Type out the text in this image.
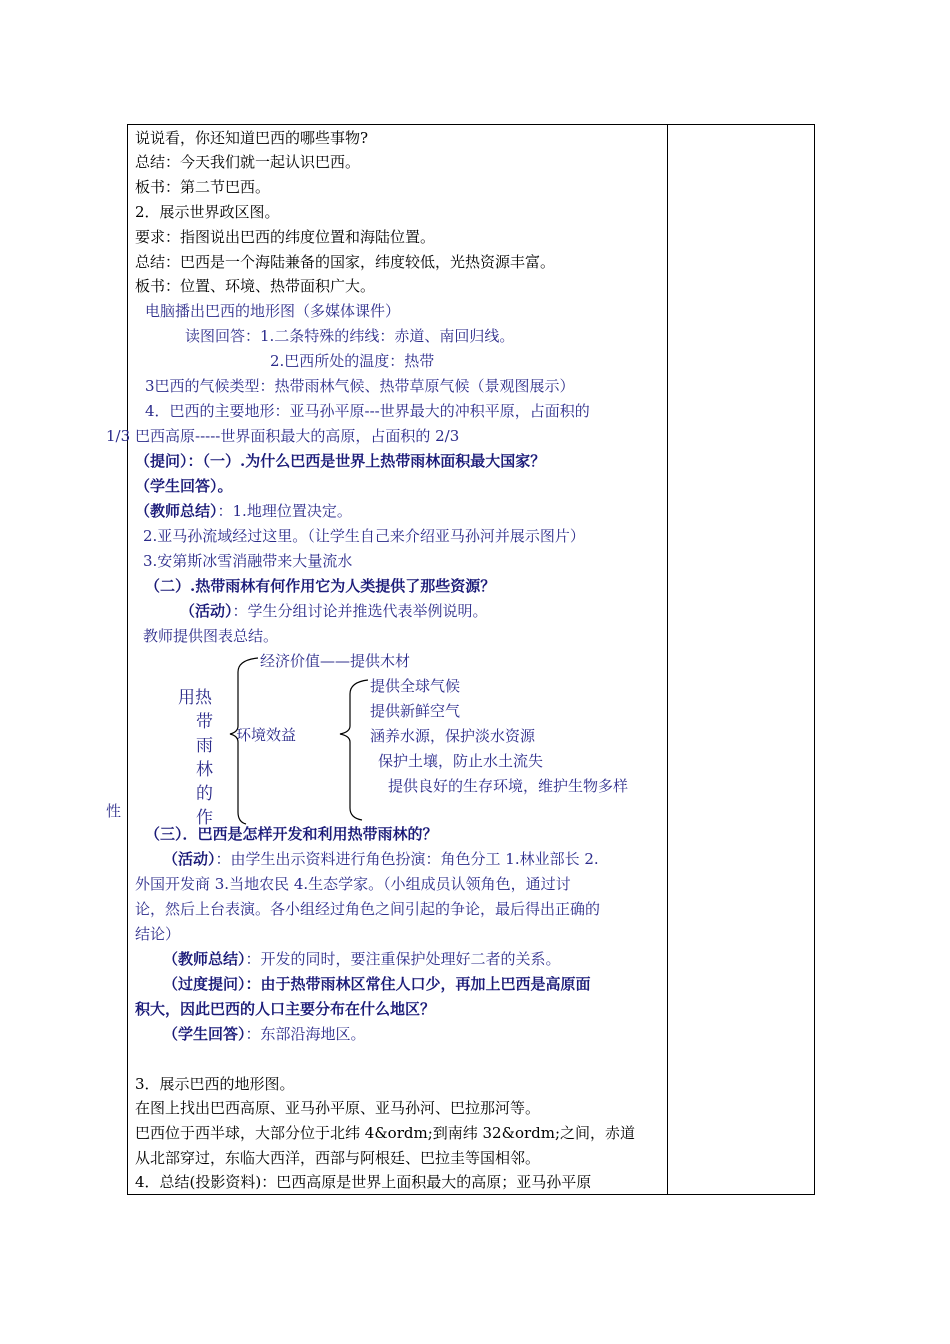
说说看，你还知道巴西的哪些事物?
总结：今天我们就一起认识巴西。
板书：第二节巴西。
2．展示世界政区图。
要求：指图说出巴西的纬度位置和海陆位置。
总结：巴西是一个海陆兼备的国家，纬度较低，光热资源丰富。
板书：位置、环境、热带面积广大。
电脑播出巴西的地形图（多媒体课件）
读图回答：1.二条特殊的纬线：赤道、南回归线。
2.巴西所处的温度：热带
3巴西的气候类型：热带雨林气候、热带草原气候（景观图展示）
4．巴西的主要地形：亚马孙平原---世界最大的冲积平原，占面积的
1/3 巴西高原-----世界面积最大的高原，占面积的 2/3
（提问）：（一）.为什么巴西是世界上热带雨林面积最大国家？
（学生回答）。
（教师总结）：1.地理位置决定。
2.亚马孙流域经过这里。（让学生自己来介绍亚马孙河并展示图片）
3.安第斯冰雪消融带来大量流水
（二）.热带雨林有何作用它为人类提供了那些资源？
（活动）：学生分组讨论并推选代表举例说明。
教师提供图表总结。
经济价值——提供木材
用热
带
雨
林
的
作
性
环境效益
提供全球气候
提供新鲜空气
涵养水源，保护淡水资源
保护土壤，防止水土流失
提供良好的生存环境，维护生物多样
（三）．巴西是怎样开发和利用热带雨林的？
（活动）：由学生出示资料进行角色扮演：角色分工 1.林业部长 2.
外国开发商 3.当地农民 4.生态学家。（小组成员认领角色，通过讨
论，然后上台表演。各小组经过角色之间引起的争论，最后得出正确的
结论）
（教师总结）：开发的同时，要注重保护处理好二者的关系。
（过度提问）：由于热带雨林区常住人口少，再加上巴西是高原面
积大，因此巴西的人口主要分布在什么地区？
（学生回答）：东部沿海地区。
3．展示巴西的地形图。
在图上找出巴西高原、亚马孙平原、亚马孙河、巴拉那河等。
巴西位于西半球，大部分位于北纬 4&ordm;到南纬 32&ordm;之间，赤道
从北部穿过，东临大西洋，西部与阿根廷、巴拉圭等国相邻。
4．总结(投影资料)：巴西高原是世界上面积最大的高原；亚马孙平原
